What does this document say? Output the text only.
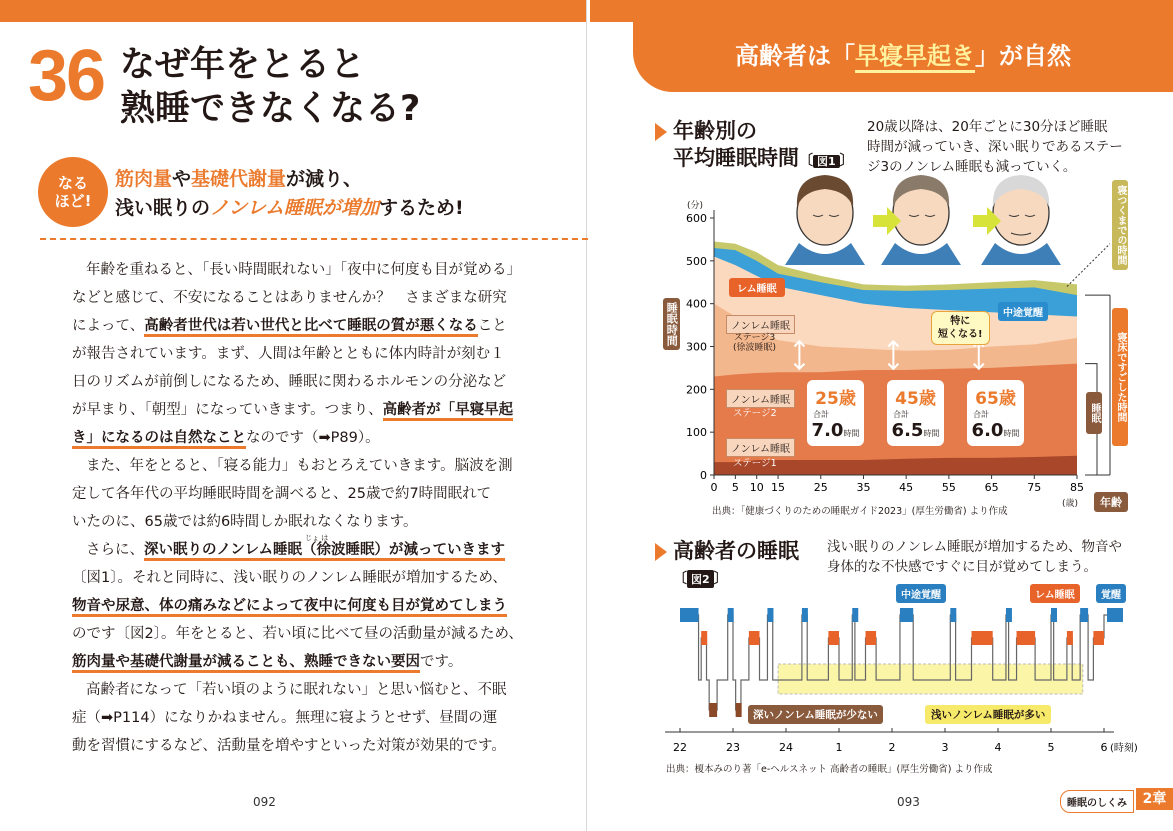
36 なぜ年をとると
熟睡できなくなる?
なる
ほど!
筋肉量や基礎代謝量が減り、
浅い眠りのノンレム睡眠が増加するため!

年齢を重ねると、「長い時間眠れない」「夜中に何度も目が覚める」

などと感じて、不安になることはありませんか？　さまざまな研究

によって、高齢者世代は若い世代と比べて睡眠の質が悪くなること

が報告されています。まず、人間は年齢とともに体内時計が刻む１

日のリズムが前倒しになるため、睡眠に関わるホルモンの分泌など

が早まり、「朝型」になっていきます。つまり、高齢者が「早寝早起

き」になるのは自然なことなのです（➡P89）。

また、年をとると、「寝る能力」もおとろえていきます。脳波を測

定して各年代の平均睡眠時間を調べると、25歳で約7時間眠れて

いたのに、65歳では約6時間しか眠れなくなります。

じょ は

さらに、深い眠りのノンレム睡眠（徐波睡眠）が減っていきます

〔図1〕。それと同時に、浅い眠りのノンレム睡眠が増加するため、

物音や尿意、体の痛みなどによって夜中に何度も目が覚めてしまう

のです〔図2〕。年をとると、若い頃に比べて昼の活動量が減るため、

筋肉量や基礎代謝量が減ることも、熟睡できない要因です。

高齢者になって「若い頃のように眠れない」と思い悩むと、不眠

症（➡P114）になりかねません。無理に寝ようとせず、昼間の運

動を習慣にするなど、活動量を増やすといった対策が効果的です。

092
高齢者は「早寝早起き」が自然
年齢別の
平均睡眠時間〔 図1 〕
20歳以降は、20年ごとに30分ほど睡眠
時間が減っていき、深い眠りであるステー
ジ3のノンレム睡眠も減っていく。
0
100
200
300
400
500
600
0 5 10 15	25	35	45	55	65	75	85
(分)
(歳)
睡眠時間
年齢
レム睡眠
ノンレム睡眠
ステージ3
(徐波睡眠)
ノンレム睡眠
ステージ2
ノンレム睡眠
ステージ1
中途覚醒
特に
短くなる!
25歳
合計
7.0時間
45歳
合計
6.5時間
65歳
合計
6.0時間
寝つくまでの時間
寝床ですごした時間
睡眠
出典：「健康づくりのための睡眠ガイド2023」(厚生労働省) より作成
高齢者の睡眠
〔 図2 〕
浅い眠りのノンレム睡眠が増加するため、物音や
身体的な不快感ですぐに目が覚めてしまう。
22	23	24	1	2	3	4	5	6 (時刻)
中途覚醒	レム睡眠	覚醒
深いノンレム睡眠が少ない	浅いノンレム睡眠が多い
出典：榎本みのり著「e-ヘルスネット 高齢者の睡眠」(厚生労働省) より作成
093	睡眠のしくみ	2章
